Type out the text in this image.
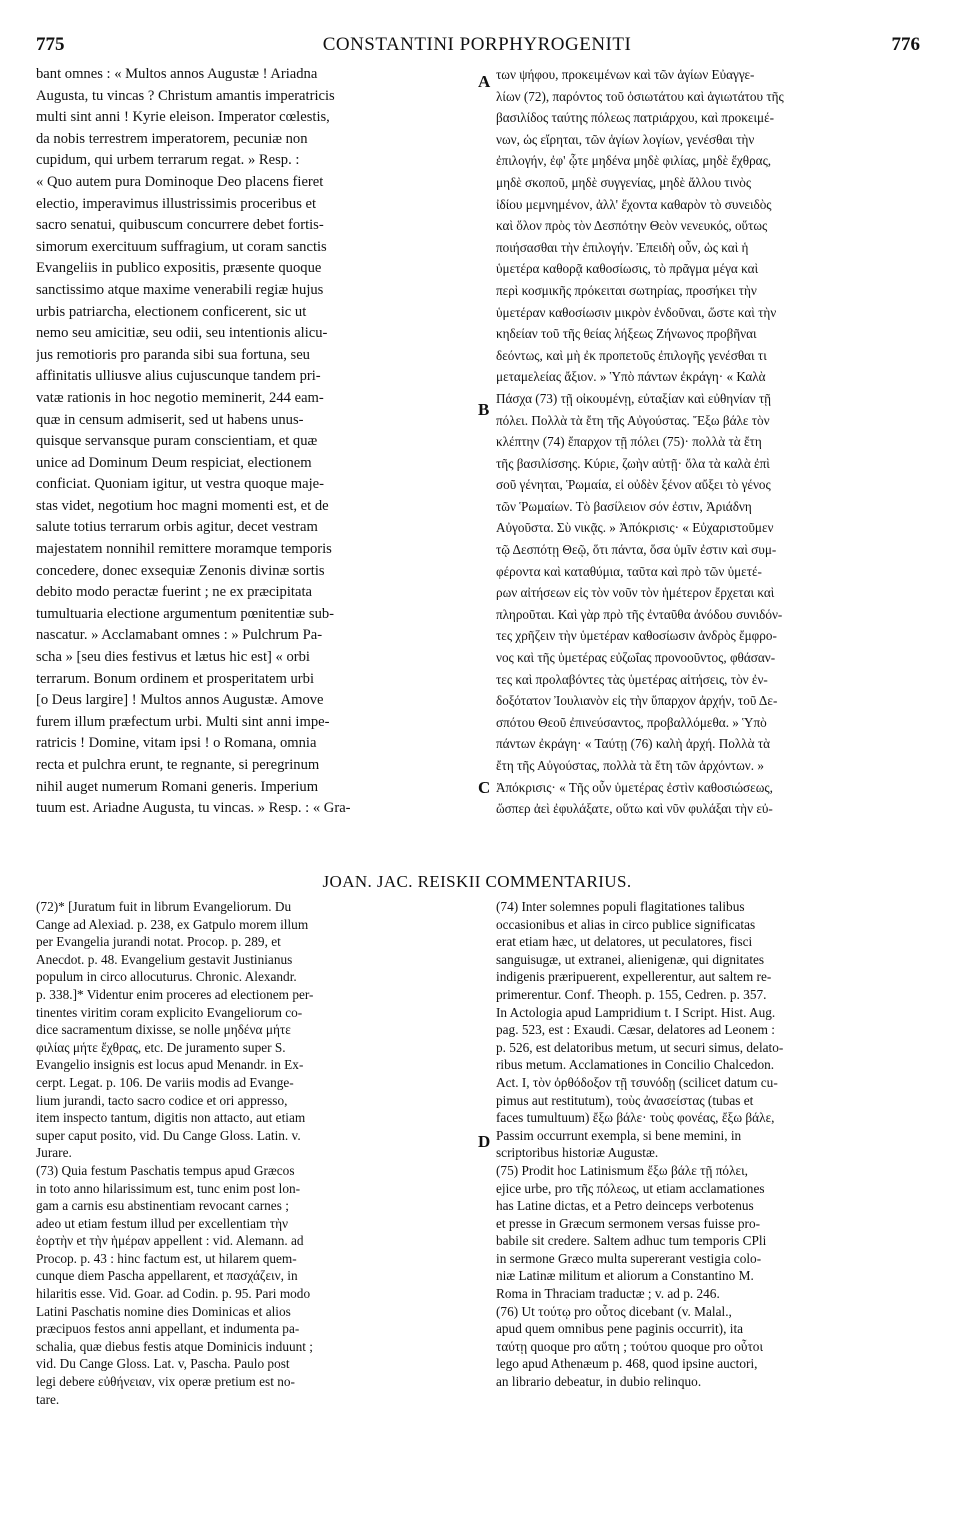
775	CONSTANTINI PORPHYROGENITI	776
bant omnes : « Multos annos Augustæ ! Ariadna
Augusta, tu vincas ? Christum amantis imperatricis
multi sint anni ! Kyrie eleison. Imperator cœlestis,
da nobis terrestrem imperatorem, pecuniæ non
cupidum, qui urbem terrarum regat. » Resp. :
« Quo autem pura Dominoque Deo placens fieret
electio, imperavimus illustrissimis proceribus et
sacro senatui, quibuscum concurrere debet fortis-
simorum exercituum suffragium, ut coram sanctis
Evangeliis in publico expositis, præsente quoque
sanctissimo atque maxime venerabili regiæ hujus
urbis patriarcha, electionem conficerent, sic ut
nemo seu amicitiæ, seu odii, seu intentionis alicu-
jus remotioris pro paranda sibi sua fortuna, seu
affinitatis ulliusve alius cujuscunque tandem pri-
vatæ rationis in hoc negotio meminerit, 244 eam-
quæ in censum admiserit, sed ut habens unus-
quisque servansque puram conscientiam, et quæ
unice ad Dominum Deum respiciat, electionem
conficiat. Quoniam igitur, ut vestra quoque maje-
stas videt, negotium hoc magni momenti est, et de
salute totius terrarum orbis agitur, decet vestram
majestatem nonnihil remittere moramque temporis
concedere, donec exsequiæ Zenonis divinæ sortis
debito modo peractæ fuerint ; ne ex præcipitata
tumultuaria electione argumentum pœnitentiæ sub-
nascatur. » Acclamabant omnes : » Pulchrum Pa-
scha » [seu dies festivus et lætus hic est] « orbi
terrarum. Bonum ordinem et prosperitatem urbi
[o Deus largire] ! Multos annos Augustæ. Amove
furem illum præfectum urbi. Multi sint anni impe-
ratricis ! Domine, vitam ipsi ! o Romana, omnia
recta et pulchra erunt, te regnante, si peregrinum
nihil auget numerum Romani generis. Imperium
tuum est. Ariadne Augusta, tu vincas. » Resp. : « Gra-
των ψήφου, προκειμένων καὶ τῶν ἁγίων Εὐαγγε-
λίων (72), παρόντος τοῦ ὁσιωτάτου καὶ ἁγιωτάτου τῆς
βασιλίδος ταύτης πόλεως πατριάρχου, καὶ προκειμέ-
νων, ὡς εἴρηται, τῶν ἁγίων λογίων, γενέσθαι τὴν
ἐπιλογήν, ἐφ' ᾧτε μηδένα μηδὲ φιλίας, μηδὲ ἔχθρας,
μηδὲ σκοποῦ, μηδὲ συγγενίας, μηδὲ ἄλλου τινὸς
ἰδίου μεμνημένον, ἀλλ' ἔχοντα καθαρὸν τὸ συνειδὸς
καὶ ὅλον πρὸς τὸν Δεσπότην Θεὸν νενευκός, οὕτως
ποιήσασθαι τὴν ἐπιλογήν. Ἐπειδὴ οὖν, ὡς καὶ ἡ
ὑμετέρα καθορᾷ καθοσίωσις, τὸ πρᾶγμα μέγα καὶ
περὶ κοσμικῆς πρόκειται σωτηρίας, προσήκει τὴν
ὑμετέραν καθοσίωσιν μικρὸν ἐνδοῦναι, ὥστε καὶ τὴν
κηδείαν τοῦ τῆς θείας λήξεως Ζήνωνος προβῆναι
δεόντως, καὶ μὴ ἐκ προπετοῦς ἐπιλογῆς γενέσθαι τι
μεταμελείας ἄξιον. » Ὑπὸ πάντων ἐκράγη· « Καλὰ
Πάσχα (73) τῇ οἰκουμένῃ, εὐταξίαν καὶ εὐθηνίαν τῇ
πόλει. Πολλὰ τὰ ἔτη τῆς Αὐγούστας. Ἔξω βάλε τὸν
κλέπτην (74) ἔπαρχον τῇ πόλει (75)· πολλὰ τὰ ἔτη
τῆς βασιλίσσης. Κύριε, ζωὴν αὐτῇ· ὅλα τὰ καλὰ ἐπὶ
σοῦ γένηται, Ῥωμαία, εἰ οὐδὲν ξένον αὔξει τὸ γένος
τῶν Ῥωμαίων. Τὸ βασίλειον σόν ἐστιν, Ἀριάδνη
Αὐγοῦστα. Σὺ νικᾷς. » Ἀπόκρισις· « Εὐχαριστοῦμεν
τῷ Δεσπότῃ Θεῷ, ὅτι πάντα, ὅσα ὑμῖν ἐστιν καὶ συμ-
φέροντα καὶ καταθύμια, ταῦτα καὶ πρὸ τῶν ὑμετέ-
ρων αἰτήσεων εἰς τὸν νοῦν τὸν ἡμέτερον ἔρχεται καὶ
πληροῦται. Καὶ γὰρ πρὸ τῆς ἐνταῦθα ἀνόδου συνιδόν-
τες χρῆζειν τὴν ὑμετέραν καθοσίωσιν ἀνδρὸς ἔμφρο-
νος καὶ τῆς ὑμετέρας εὐζωΐας προνοοῦντος, φθάσαν-
τες καὶ προλαβόντες τὰς ὑμετέρας αἰτήσεις, τὸν ἐν-
δοξότατον Ἰουλιανὸν εἰς τὴν ὕπαρχον ἀρχήν, τοῦ Δε-
σπότου Θεοῦ ἐπινεύσαντος, προβαλλόμεθα. » Ὑπὸ
πάντων ἐκράγη· « Ταύτῃ (76) καλὴ ἀρχή. Πολλὰ τὰ
ἔτη τῆς Αὐγούστας, πολλὰ τὰ ἔτη τῶν ἀρχόντων. »
Ἀπόκρισις· « Τῆς οὖν ὑμετέρας ἐστὶν καθοσιώσεως,
ὥσπερ ἀεὶ ἐφυλάξατε, οὕτω καὶ νῦν φυλάξαι τὴν εὐ-
A
B
C
D
JOAN. JAC. REISKII COMMENTARIUS.
(72)* [Juratum fuit in librum Evangeliorum. Du
Cange ad Alexiad. p. 238, ex Gatpulo morem illum
per Evangelia jurandi notat. Procop. p. 289, et
Anecdot. p. 48. Evangelium gestavit Justinianus
populum in circo allocuturus. Chronic. Alexandr.
p. 338.]* Videntur enim proceres ad electionem per-
tinentes viritim coram explicito Evangeliorum co-
dice sacramentum dixisse, se nolle μηδένα μήτε
φιλίας μήτε ἔχθρας, etc. De juramento super S.
Evangelio insignis est locus apud Menandr. in Ex-
cerpt. Legat. p. 106. De variis modis ad Evange-
lium jurandi, tacto sacro codice et ori appresso,
item inspecto tantum, digitis non attacto, aut etiam
super caput posito, vid. Du Cange Gloss. Latin. v.
Jurare.
(73) Quia festum Paschatis tempus apud Græcos
in toto anno hilarissimum est, tunc enim post lon-
gam a carnis esu abstinentiam revocant carnes ;
adeo ut etiam festum illud per excellentiam τὴν
ἑορτὴν et τὴν ἡμέραν appellent : vid. Alemann. ad
Procop. p. 43 : hinc factum est, ut hilarem quem-
cunque diem Pascha appellarent, et πασχάζειν, in
hilaritis esse. Vid. Goar. ad Codin. p. 95. Pari modo
Latini Paschatis nomine dies Dominicas et alios
præcipuos festos anni appellant, et indumenta pa-
schalia, quæ diebus festis atque Dominicis induunt ;
vid. Du Cange Gloss. Lat. v, Pascha. Paulo post
legi debere εὐθήνειαν, vix operæ pretium est no-
tare.
(74) Inter solemnes populi flagitationes talibus
occasionibus et alias in circo publice significatas
erat etiam hæc, ut delatores, ut peculatores, fisci
sanguisugæ, ut extranei, alienigenæ, qui dignitates
indigenis præripuerent, expellerentur, aut saltem re-
primerentur. Conf. Theoph. p. 155, Cedren. p. 357.
In Actologia apud Lampridium t. I Script. Hist. Aug.
pag. 523, est : Exaudi. Cæsar, delatores ad Leonem :
p. 526, est delatoribus metum, ut securi simus, delato-
ribus metum. Acclamationes in Concilio Chalcedon.
Act. I, τὸν ὀρθόδοξον τῇ τσυνόδῃ (scilicet datum cu-
pimus aut restitutum), τοὺς ἀνασείστας (tubas et
faces tumultuum) ἔξω βάλε· τοὺς φονέας, ἔξω βάλε,
Passim occurrunt exempla, si bene memini, in
scriptoribus historiæ Augustæ.
(75) Prodit hoc Latinismum ἔξω βάλε τῇ πόλει,
ejice urbe, pro τῆς πόλεως, ut etiam acclamationes
has Latine dictas, et a Petro deinceps verbotenus
et presse in Græcum sermonem versas fuisse pro-
babile sit credere. Saltem adhuc tum temporis CPli
in sermone Græco multa supererant vestigia colo-
niæ Latinæ militum et aliorum a Constantino M.
Roma in Thraciam traductæ ; v. ad p. 246.
(76) Ut τούτῳ pro οὗτος dicebant (v. Malal.,
apud quem omnibus pene paginis occurrit), ita
ταύτῃ quoque pro αὕτη ; τούτου quoque pro οὗτοι
lego apud Athenæum p. 468, quod ipsine auctori,
an librario debeatur, in dubio relinquo.
